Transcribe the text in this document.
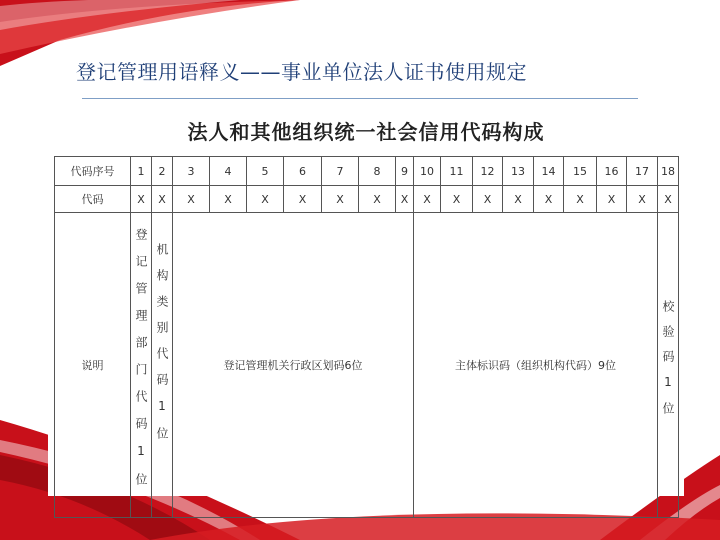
登记管理用语释义——事业单位法人证书使用规定
法人和其他组织统一社会信用代码构成
代码序号	1	2	3	4	5	6	7	8	9	10	11	12	13	14	15	16	17	18
代码	X	X	X	X	X	X	X	X	X	X	X	X	X	X	X	X	X	X
说明	登记管理部门代码1位	机构类别代码1位	登记管理机关行政区划码6位							主体标识码（组织机构代码）9位								校验码1位
